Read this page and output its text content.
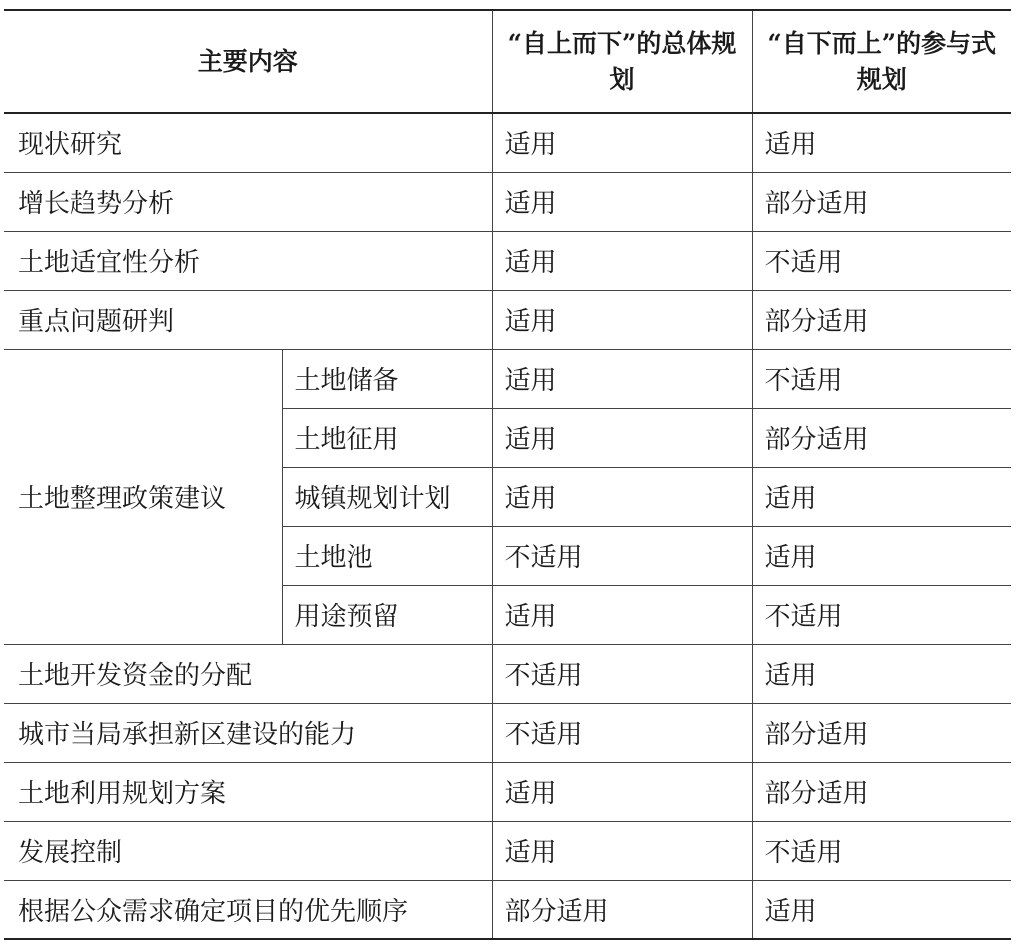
主要内容		“自上而下”的总体规划	“自下而上”的参与式规划
现状研究		适用	适用
增长趋势分析		适用	部分适用
土地适宜性分析		适用	不适用
重点问题研判		适用	部分适用
土地整理政策建议	土地储备	适用	不适用
	土地征用	适用	部分适用
	城镇规划计划	适用	适用
	土地池	不适用	适用
	用途预留	适用	不适用
土地开发资金的分配		不适用	适用
城市当局承担新区建设的能力		不适用	部分适用
土地利用规划方案		适用	部分适用
发展控制		适用	不适用
根据公众需求确定项目的优先顺序		部分适用	适用
